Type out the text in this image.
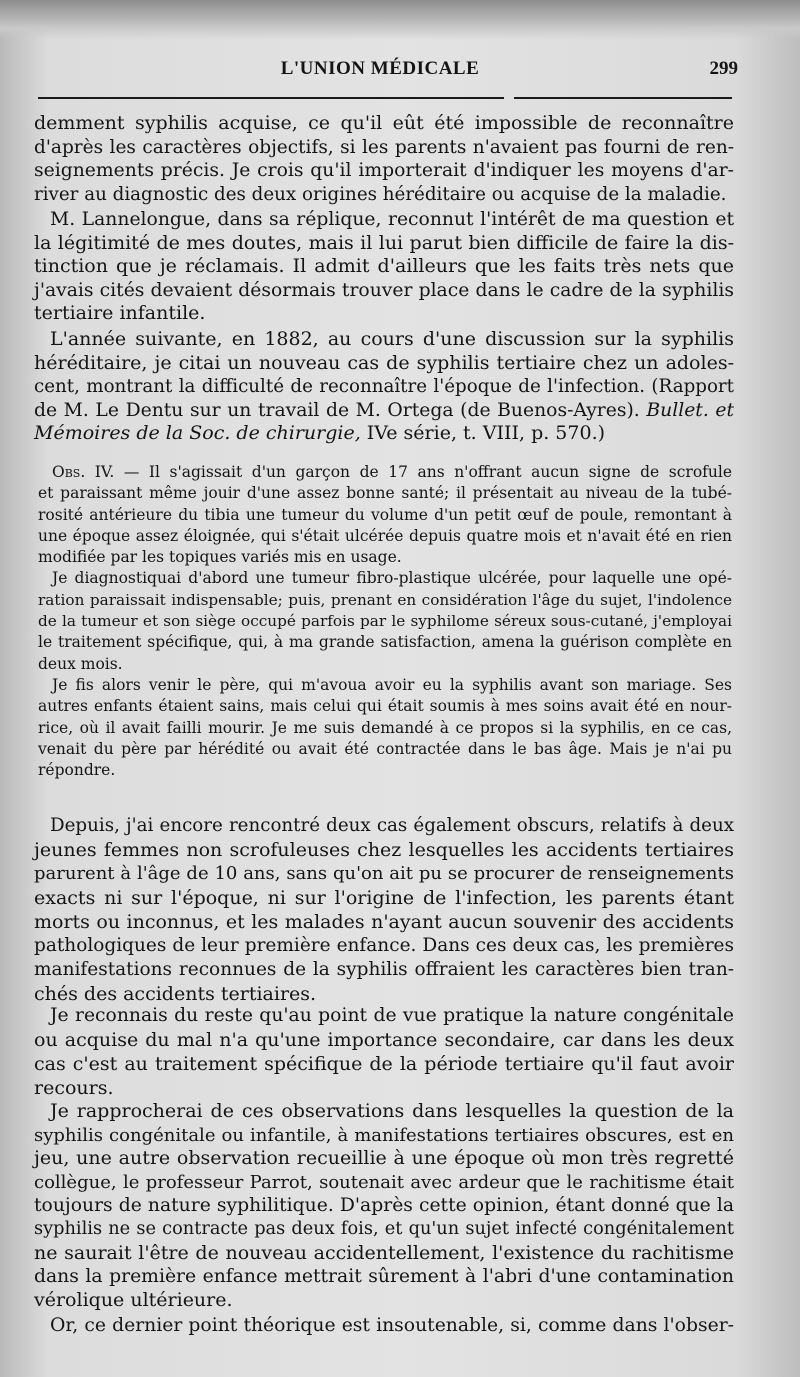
L'UNION MÉDICALE	299
demment syphilis acquise, ce qu'il eût été impossible de reconnaître
d'après les caractères objectifs, si les parents n'avaient pas fourni de ren-
seignements précis. Je crois qu'il importerait d'indiquer les moyens d'ar-
river au diagnostic des deux origines héréditaire ou acquise de la maladie.
M. Lannelongue, dans sa réplique, reconnut l'intérêt de ma question et
la légitimité de mes doutes, mais il lui parut bien difficile de faire la dis-
tinction que je réclamais. Il admit d'ailleurs que les faits très nets que
j'avais cités devaient désormais trouver place dans le cadre de la syphilis
tertiaire infantile.
L'année suivante, en 1882, au cours d'une discussion sur la syphilis
héréditaire, je citai un nouveau cas de syphilis tertiaire chez un adoles-
cent, montrant la difficulté de reconnaître l'époque de l'infection. (Rapport
de M. Le Dentu sur un travail de M. Ortega (de Buenos-Ayres). Bullet. et
Mémoires de la Soc. de chirurgie, IVe série, t. VIII, p. 570.)
Obs. IV. — Il s'agissait d'un garçon de 17 ans n'offrant aucun signe de scrofule
et paraissant même jouir d'une assez bonne santé; il présentait au niveau de la tubé-
rosité antérieure du tibia une tumeur du volume d'un petit œuf de poule, remontant à
une époque assez éloignée, qui s'était ulcérée depuis quatre mois et n'avait été en rien
modifiée par les topiques variés mis en usage.
Je diagnostiquai d'abord une tumeur fibro-plastique ulcérée, pour laquelle une opé-
ration paraissait indispensable; puis, prenant en considération l'âge du sujet, l'indolence
de la tumeur et son siège occupé parfois par le syphilome séreux sous-cutané, j'employai
le traitement spécifique, qui, à ma grande satisfaction, amena la guérison complète en
deux mois.
Je fis alors venir le père, qui m'avoua avoir eu la syphilis avant son mariage. Ses
autres enfants étaient sains, mais celui qui était soumis à mes soins avait été en nour-
rice, où il avait failli mourir. Je me suis demandé à ce propos si la syphilis, en ce cas,
venait du père par hérédité ou avait été contractée dans le bas âge. Mais je n'ai pu
répondre.
Depuis, j'ai encore rencontré deux cas également obscurs, relatifs à deux
jeunes femmes non scrofuleuses chez lesquelles les accidents tertiaires
parurent à l'âge de 10 ans, sans qu'on ait pu se procurer de renseignements
exacts ni sur l'époque, ni sur l'origine de l'infection, les parents étant
morts ou inconnus, et les malades n'ayant aucun souvenir des accidents
pathologiques de leur première enfance. Dans ces deux cas, les premières
manifestations reconnues de la syphilis offraient les caractères bien tran-
chés des accidents tertiaires.
Je reconnais du reste qu'au point de vue pratique la nature congénitale
ou acquise du mal n'a qu'une importance secondaire, car dans les deux
cas c'est au traitement spécifique de la période tertiaire qu'il faut avoir
recours.
Je rapprocherai de ces observations dans lesquelles la question de la
syphilis congénitale ou infantile, à manifestations tertiaires obscures, est en
jeu, une autre observation recueillie à une époque où mon très regretté
collègue, le professeur Parrot, soutenait avec ardeur que le rachitisme était
toujours de nature syphilitique. D'après cette opinion, étant donné que la
syphilis ne se contracte pas deux fois, et qu'un sujet infecté congénitalement
ne saurait l'être de nouveau accidentellement, l'existence du rachitisme
dans la première enfance mettrait sûrement à l'abri d'une contamination
vérolique ultérieure.
Or, ce dernier point théorique est insoutenable, si, comme dans l'obser-
